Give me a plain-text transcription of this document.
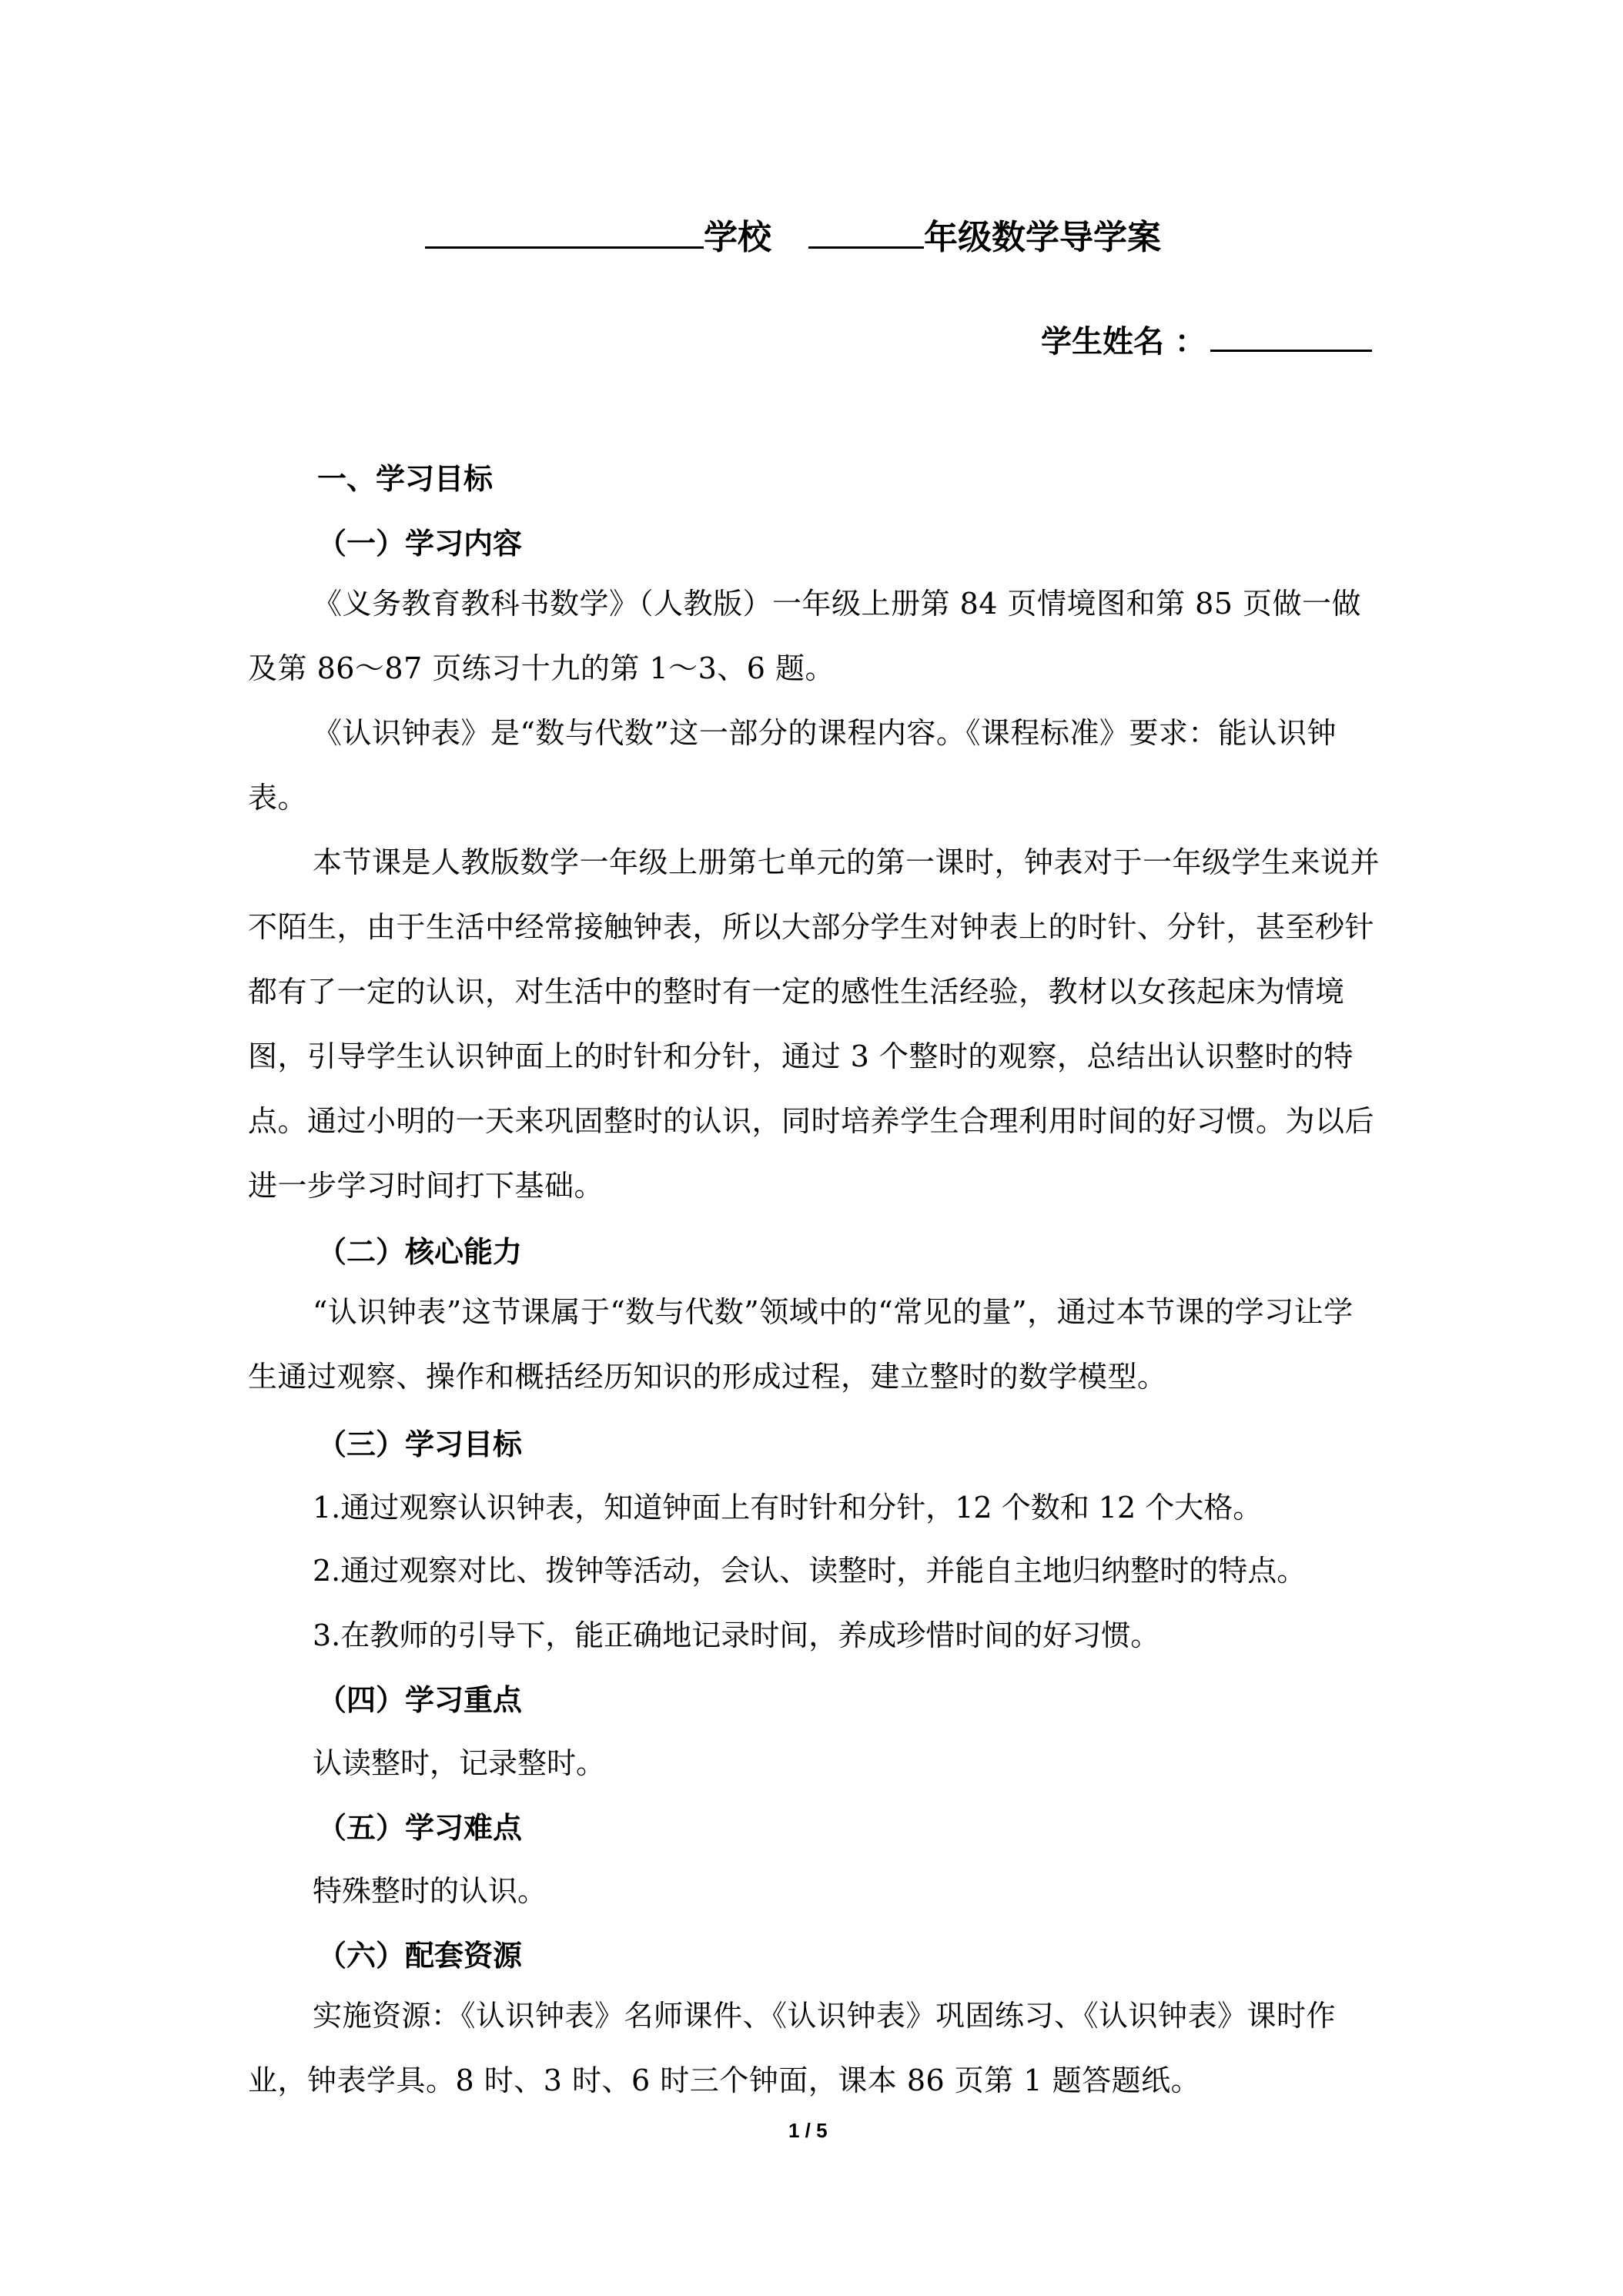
学校	年级数学导学案
学生姓名 ：
一、学习目标
（一）学习内容
《义务教育教科书数学》（人教版）一年级上册第 84 页情境图和第 85 页做一做及第 86～87 页练习十九的第 1～3、6 题。
《认识钟表》是“数与代数”这一部分的课程内容。《课程标准》要求：能认识钟表。
本节课是人教版数学一年级上册第七单元的第一课时，钟表对于一年级学生来说并不陌生，由于生活中经常接触钟表，所以大部分学生对钟表上的时针、分针，甚至秒针都有了一定的认识，对生活中的整时有一定的感性生活经验，教材以女孩起床为情境图，引导学生认识钟面上的时针和分针，通过 3 个整时的观察，总结出认识整时的特点。通过小明的一天来巩固整时的认识，同时培养学生合理利用时间的好习惯。为以后进一步学习时间打下基础。
（二）核心能力
“认识钟表”这节课属于“数与代数”领域中的“常见的量”，通过本节课的学习让学生通过观察、操作和概括经历知识的形成过程，建立整时的数学模型。
（三）学习目标
1.通过观察认识钟表，知道钟面上有时针和分针，12 个数和 12 个大格。
2.通过观察对比、拨钟等活动，会认、读整时，并能自主地归纳整时的特点。
3.在教师的引导下，能正确地记录时间，养成珍惜时间的好习惯。
（四）学习重点
认读整时，记录整时。
（五）学习难点
特殊整时的认识。
（六）配套资源
实施资源：《认识钟表》名师课件、《认识钟表》巩固练习、《认识钟表》课时作业，钟表学具。8 时、3 时、6 时三个钟面，课本 86 页第 1 题答题纸。
1 / 5
